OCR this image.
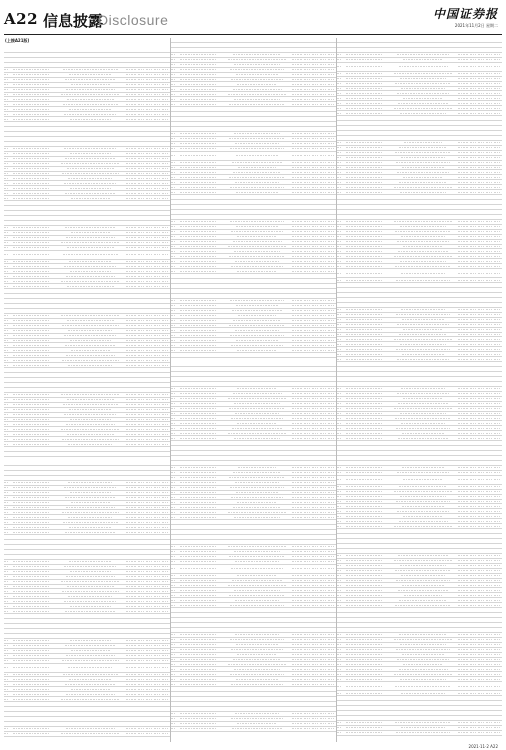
A22 信息披露
Disclosure	中国证券报
2021年11月2日 星期二
(上接A21版)
2021·11·2 A22
